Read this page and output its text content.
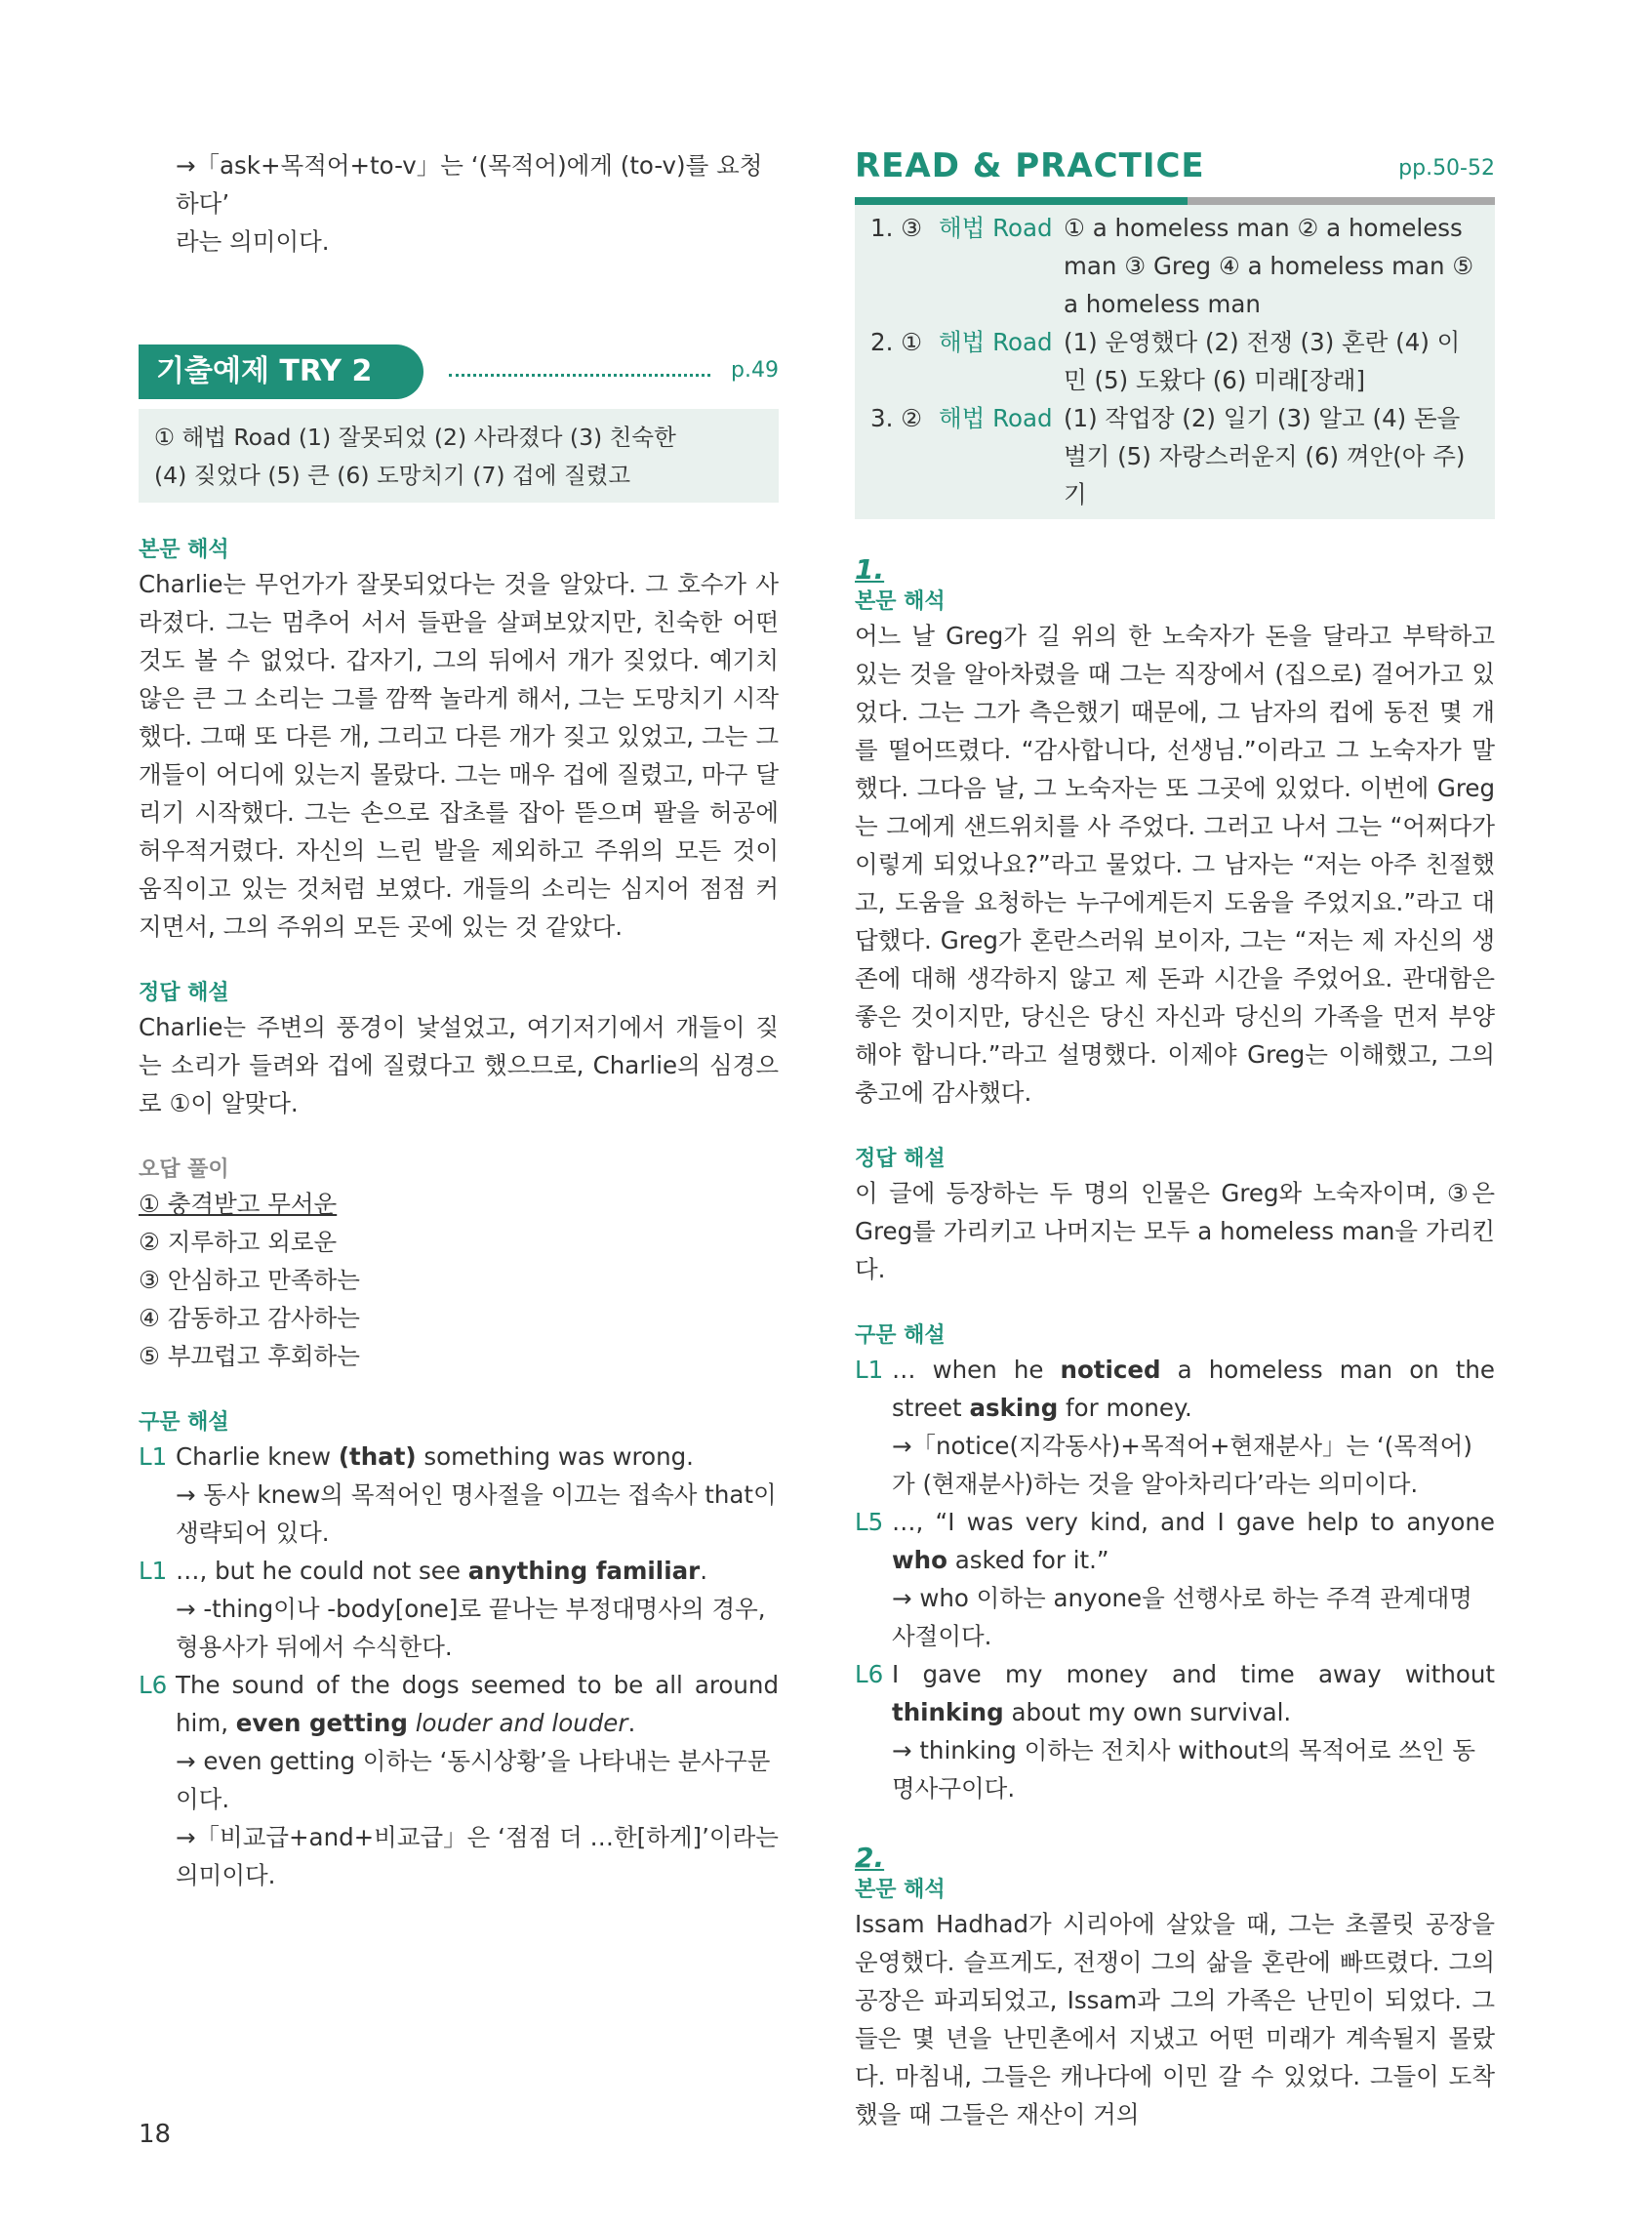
→「ask+목적어+to-v」는 ‘(목적어)에게 (to-v)를 요청하다’

라는 의미이다.

기출예제 TRY 2	p.49

① 해법 Road (1) 잘못되었 (2) 사라졌다 (3) 친숙한

(4) 짖었다 (5) 큰 (6) 도망치기 (7) 겁에 질렸고

본문 해석

Charlie는 무언가가 잘못되었다는 것을 알았다. 그 호수가 사라졌다. 그는 멈추어 서서 들판을 살펴보았지만, 친숙한 어떤 것도 볼 수 없었다. 갑자기, 그의 뒤에서 개가 짖었다. 예기치 않은 큰 그 소리는 그를 깜짝 놀라게 해서, 그는 도망치기 시작했다. 그때 또 다른 개, 그리고 다른 개가 짖고 있었고, 그는 그 개들이 어디에 있는지 몰랐다. 그는 매우 겁에 질렸고, 마구 달리기 시작했다. 그는 손으로 잡초를 잡아 뜯으며 팔을 허공에 허우적거렸다. 자신의 느린 발을 제외하고 주위의 모든 것이 움직이고 있는 것처럼 보였다. 개들의 소리는 심지어 점점 커지면서, 그의 주위의 모든 곳에 있는 것 같았다.

정답 해설

Charlie는 주변의 풍경이 낯설었고, 여기저기에서 개들이 짖는 소리가 들려와 겁에 질렸다고 했으므로, Charlie의 심경으로 ①이 알맞다.

오답 풀이

① 충격받고 무서운

② 지루하고 외로운

③ 안심하고 만족하는

④ 감동하고 감사하는

⑤ 부끄럽고 후회하는

구문 해설

L1 Charlie knew (that) something was wrong.
→ 동사 knew의 목적어인 명사절을 이끄는 접속사 that이 생략되어 있다.
L1 …, but he could not see anything familiar.
→ -thing이나 -body[one]로 끝나는 부정대명사의 경우, 형용사가 뒤에서 수식한다.
L6 The sound of the dogs seemed to be all around him, even getting louder and louder.
→ even getting 이하는 ‘동시상황’을 나타내는 분사구문이다.
→「비교급+and+비교급」은 ‘점점 더 …한[하게]’이라는 의미이다.
READ & PRACTICE	pp.50-52
1. ③ 해법 Road ① a homeless man ② a homeless man ③ Greg ④ a homeless man ⑤ a homeless man
2. ① 해법 Road (1) 운영했다 (2) 전쟁 (3) 혼란 (4) 이민 (5) 도왔다 (6) 미래[장래]
3. ② 해법 Road (1) 작업장 (2) 일기 (3) 알고 (4) 돈을 벌기 (5) 자랑스러운지 (6) 껴안(아 주)기

1.

본문 해석

어느 날 Greg가 길 위의 한 노숙자가 돈을 달라고 부탁하고 있는 것을 알아차렸을 때 그는 직장에서 (집으로) 걸어가고 있었다. 그는 그가 측은했기 때문에, 그 남자의 컵에 동전 몇 개를 떨어뜨렸다. “감사합니다, 선생님.”이라고 그 노숙자가 말했다. 그다음 날, 그 노숙자는 또 그곳에 있었다. 이번에 Greg는 그에게 샌드위치를 사 주었다. 그러고 나서 그는 “어쩌다가 이렇게 되었나요?”라고 물었다. 그 남자는 “저는 아주 친절했고, 도움을 요청하는 누구에게든지 도움을 주었지요.”라고 대답했다. Greg가 혼란스러워 보이자, 그는 “저는 제 자신의 생존에 대해 생각하지 않고 제 돈과 시간을 주었어요. 관대함은 좋은 것이지만, 당신은 당신 자신과 당신의 가족을 먼저 부양해야 합니다.”라고 설명했다. 이제야 Greg는 이해했고, 그의 충고에 감사했다.

정답 해설

이 글에 등장하는 두 명의 인물은 Greg와 노숙자이며, ③은 Greg를 가리키고 나머지는 모두 a homeless man을 가리킨다.

구문 해설

L1 … when he noticed a homeless man on the street asking for money.
→「notice(지각동사)+목적어+현재분사」는 ‘(목적어)가 (현재분사)하는 것을 알아차리다’라는 의미이다.
L5 …, “I was very kind, and I gave help to anyone who asked for it.”
→ who 이하는 anyone을 선행사로 하는 주격 관계대명사절이다.
L6 I gave my money and time away without thinking about my own survival.
→ thinking 이하는 전치사 without의 목적어로 쓰인 동명사구이다.

2.

본문 해석

Issam Hadhad가 시리아에 살았을 때, 그는 초콜릿 공장을 운영했다. 슬프게도, 전쟁이 그의 삶을 혼란에 빠뜨렸다. 그의 공장은 파괴되었고, Issam과 그의 가족은 난민이 되었다. 그들은 몇 년을 난민촌에서 지냈고 어떤 미래가 계속될지 몰랐다. 마침내, 그들은 캐나다에 이민 갈 수 있었다. 그들이 도착했을 때 그들은 재산이 거의

18
